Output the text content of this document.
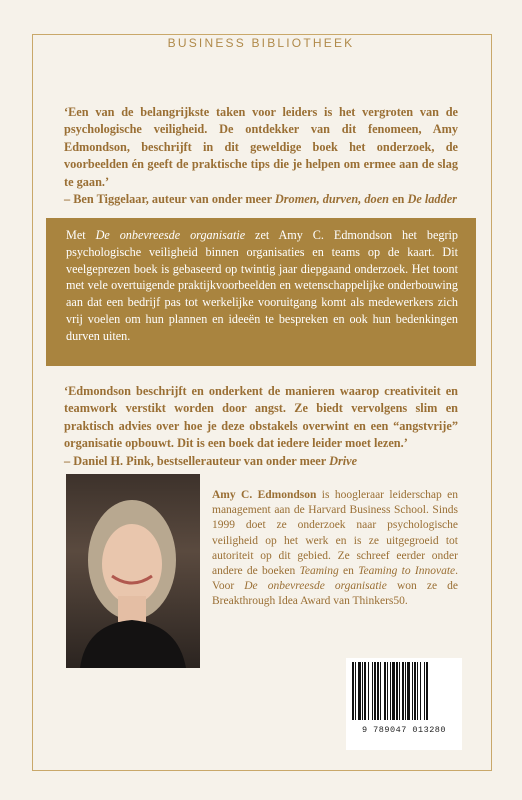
BUSINESS BIBLIOTHEEK
‘Een van de belangrijkste taken voor leiders is het vergroten van de psychologische veiligheid. De ontdekker van dit fenomeen, Amy Edmondson, beschrijft in dit geweldige boek het onderzoek, de voorbeelden én geeft de praktische tips die je helpen om ermee aan de slag te gaan.’
– Ben Tiggelaar, auteur van onder meer Dromen, durven, doen en De ladder
Met De onbevreesde organisatie zet Amy C. Edmondson het begrip psychologische veiligheid binnen organisaties en teams op de kaart. Dit veelgeprezen boek is gebaseerd op twintig jaar diepgaand onderzoek. Het toont met vele overtuigende praktijkvoorbeelden en wetenschappelijke onderbouwing aan dat een bedrijf pas tot werkelijke vooruitgang komt als medewerkers zich vrij voelen om hun plannen en ideeën te bespreken en ook hun bedenkingen durven uiten.
‘Edmondson beschrijft en onderkent de manieren waarop creativiteit en teamwork verstikt worden door angst. Ze biedt vervolgens slim en praktisch advies over hoe je deze obstakels overwint en een “angstvrije” organisatie opbouwt. Dit is een boek dat iedere leider moet lezen.’
– Daniel H. Pink, bestsellerauteur van onder meer Drive
Amy C. Edmondson is hoogleraar leiderschap en management aan de Harvard Business School. Sinds 1999 doet ze onderzoek naar psychologische veiligheid op het werk en is ze uitgegroeid tot autoriteit op dit gebied. Ze schreef eerder onder andere de boeken Teaming en Teaming to Innovate. Voor De onbevreesde organisatie won ze de Breakthrough Idea Award van Thinkers50.
9 789047 013280
